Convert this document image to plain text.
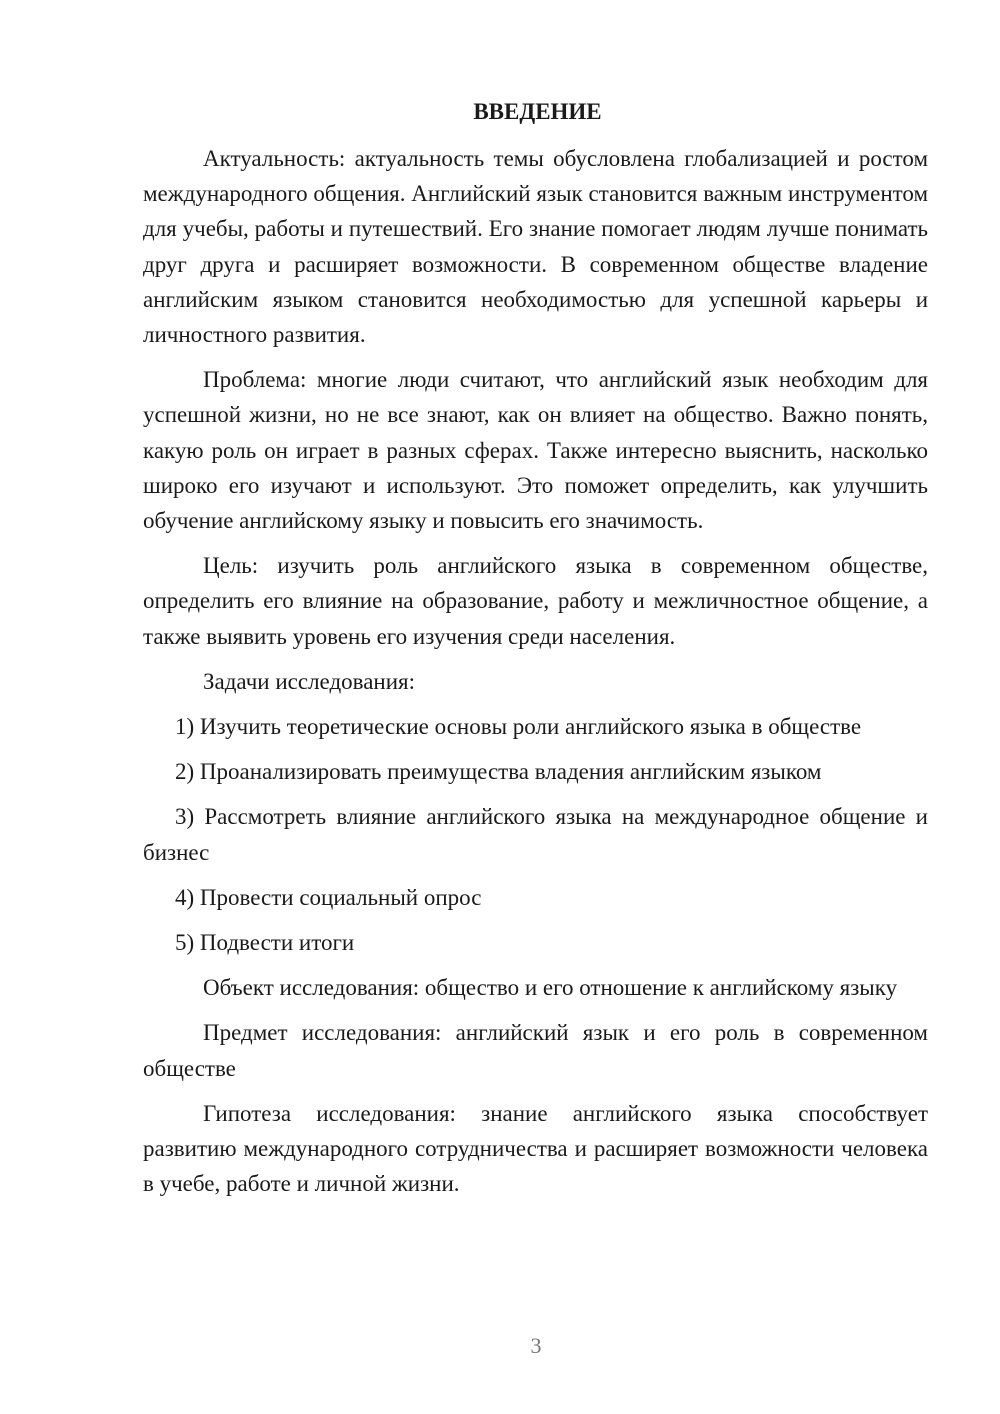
ВВЕДЕНИЕ

Актуальность: актуальность темы обусловлена глобализацией и ростом международного общения. Английский язык становится важным инструментом для учебы, работы и путешествий. Его знание помогает людям лучше понимать друг друга и расширяет возможности. В современном обществе владение английским языком становится необходимостью для успешной карьеры и личностного развития.

Проблема: многие люди считают, что английский язык необходим для успешной жизни, но не все знают, как он влияет на общество. Важно понять, какую роль он играет в разных сферах. Также интересно выяснить, насколько широко его изучают и используют. Это поможет определить, как улучшить обучение английскому языку и повысить его значимость.

Цель: изучить роль английского языка в современном обществе, определить его влияние на образование, работу и межличностное общение, а также выявить уровень его изучения среди населения.

Задачи исследования:

1) Изучить теоретические основы роли английского языка в обществе

2) Проанализировать преимущества владения английским языком

3) Рассмотреть влияние английского языка на международное общение и бизнес

4) Провести социальный опрос

5) Подвести итоги

Объект исследования: общество и его отношение к английскому языку

Предмет исследования: английский язык и его роль в современном обществе

Гипотеза исследования: знание английского языка способствует развитию международного сотрудничества и расширяет возможности человека в учебе, работе и личной жизни.

3
